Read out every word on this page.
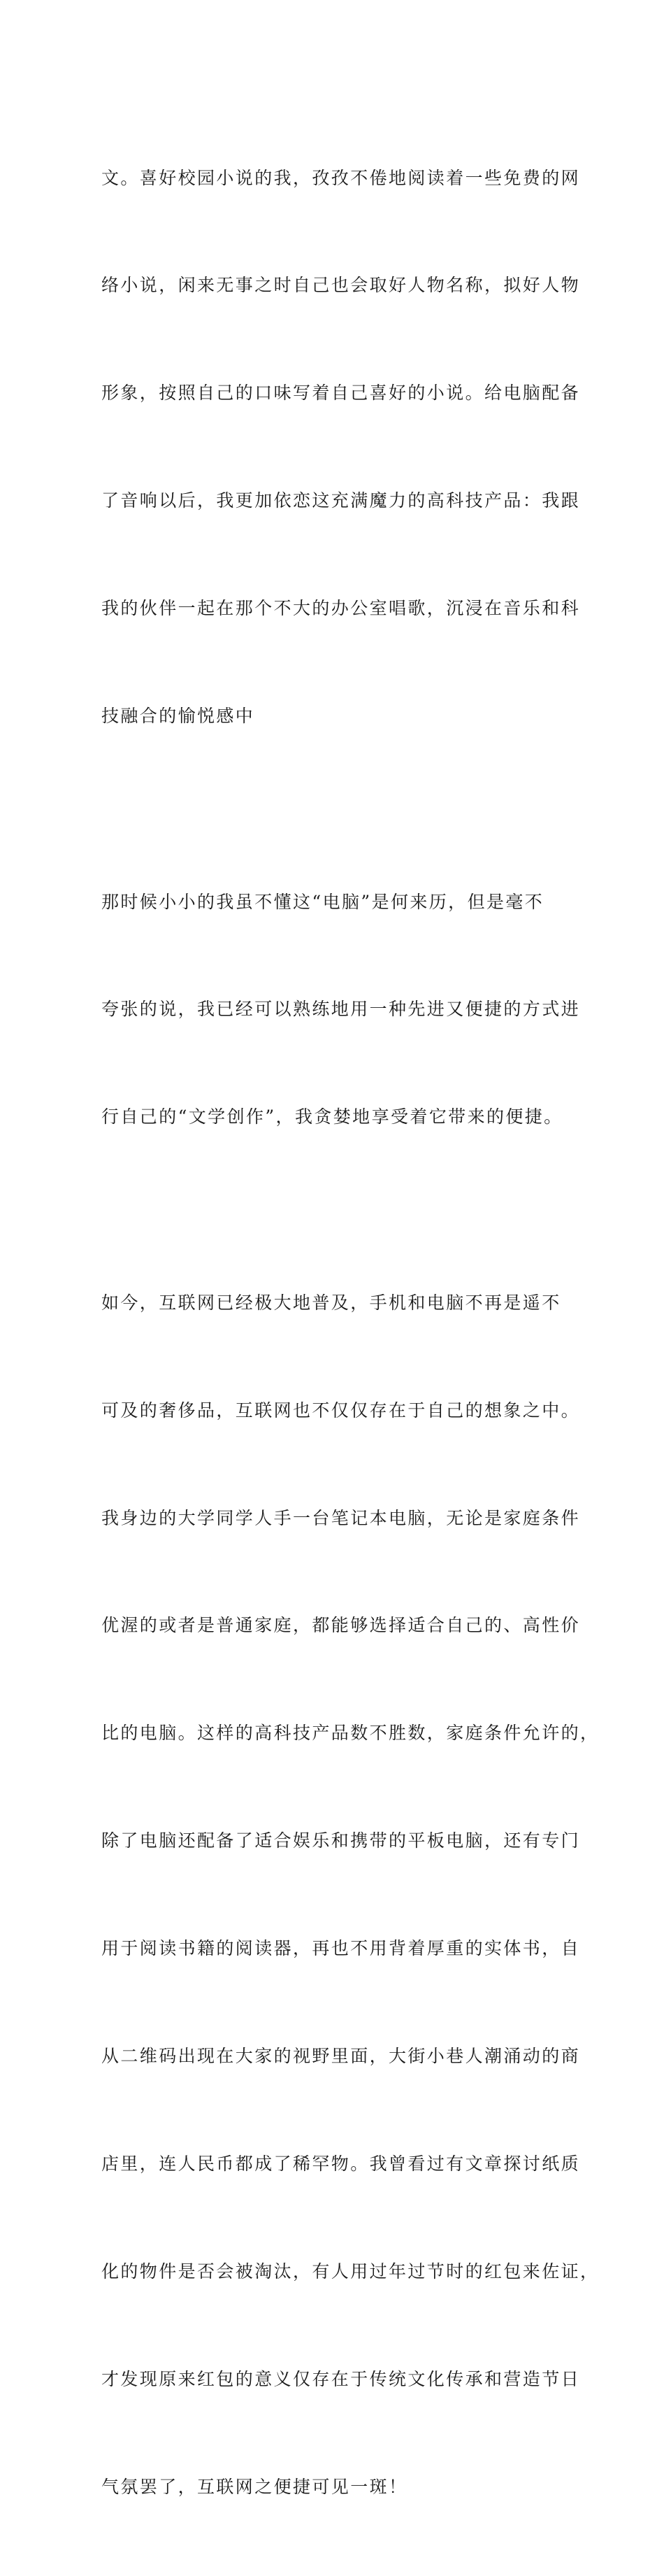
文。喜好校园小说的我，孜孜不倦地阅读着一些免费的网

络小说，闲来无事之时自己也会取好人物名称，拟好人物

形象，按照自己的口味写着自己喜好的小说。给电脑配备

了音响以后，我更加依恋这充满魔力的高科技产品：我跟

我的伙伴一起在那个不大的办公室唱歌，沉浸在音乐和科

技融合的愉悦感中

那时候小小的我虽不懂这“电脑”是何来历，但是毫不

夸张的说，我已经可以熟练地用一种先进又便捷的方式进

行自己的“文学创作”，我贪婪地享受着它带来的便捷。

如今，互联网已经极大地普及，手机和电脑不再是遥不

可及的奢侈品，互联网也不仅仅存在于自己的想象之中。

我身边的大学同学人手一台笔记本电脑，无论是家庭条件

优渥的或者是普通家庭，都能够选择适合自己的、高性价

比的电脑。这样的高科技产品数不胜数，家庭条件允许的，

除了电脑还配备了适合娱乐和携带的平板电脑，还有专门

用于阅读书籍的阅读器，再也不用背着厚重的实体书，自

从二维码出现在大家的视野里面，大街小巷人潮涌动的商

店里，连人民币都成了稀罕物。我曾看过有文章探讨纸质

化的物件是否会被淘汰，有人用过年过节时的红包来佐证，

才发现原来红包的意义仅存在于传统文化传承和营造节日

气氛罢了，互联网之便捷可见一斑！
